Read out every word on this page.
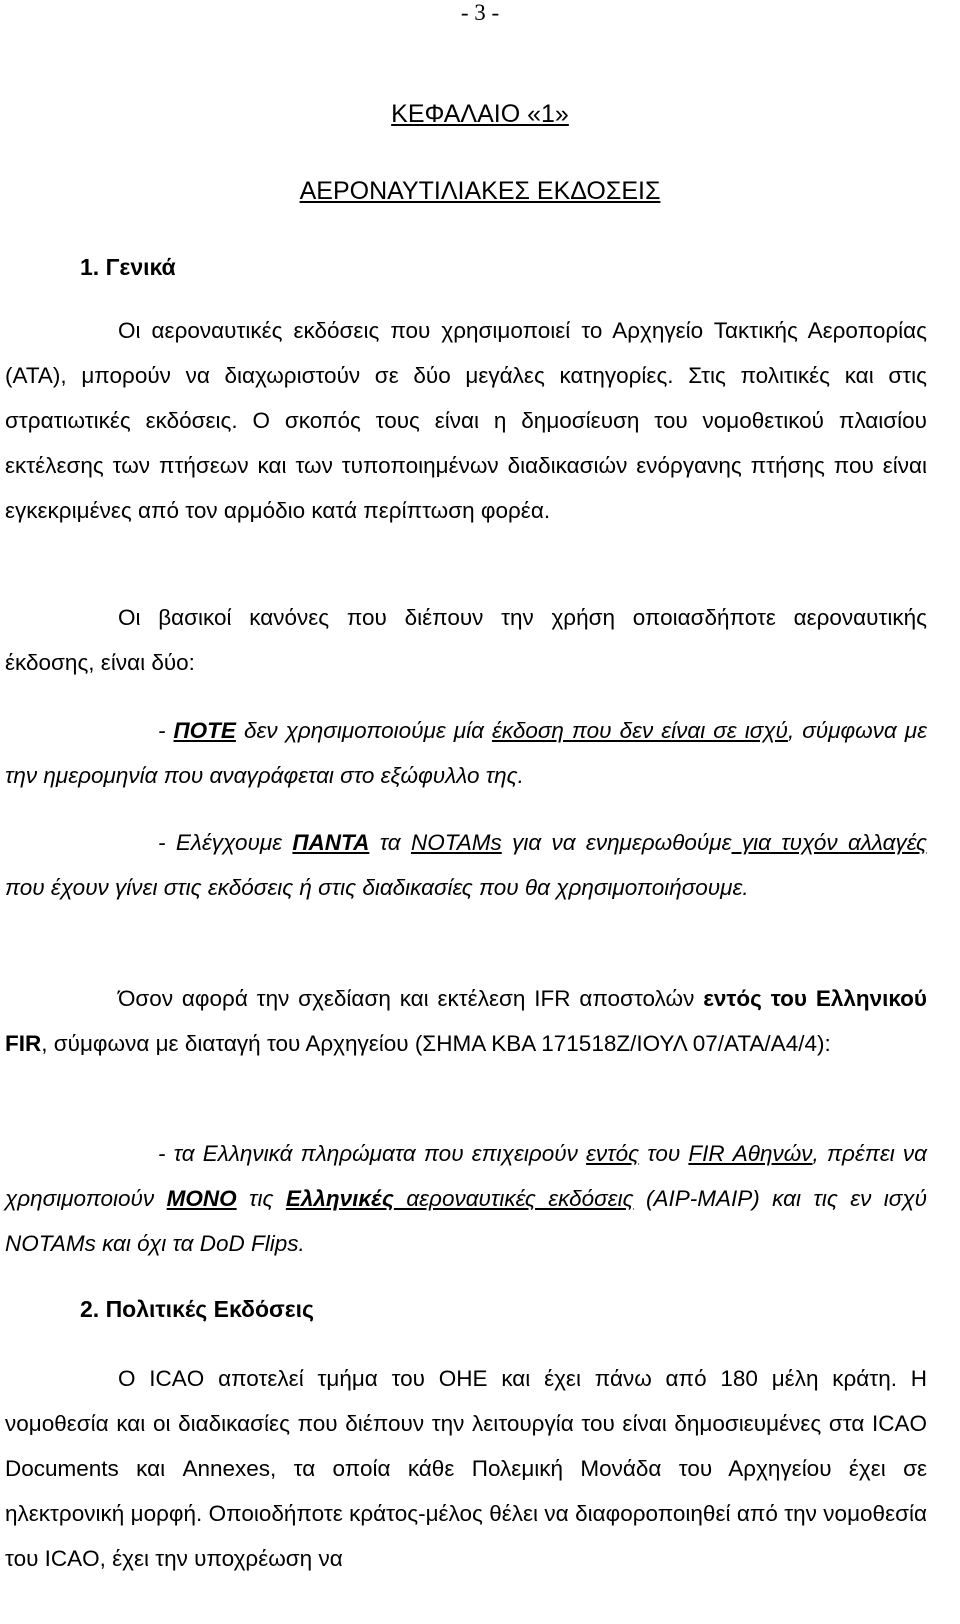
- 3 -
ΚΕΦΑΛΑΙΟ «1»
ΑΕΡΟΝΑΥΤΙΛΙΑΚΕΣ ΕΚΔΟΣΕΙΣ
1. Γενικά
Οι αεροναυτικές εκδόσεις που χρησιμοποιεί το Αρχηγείο Τακτικής Αεροπορίας (ΑΤΑ), μπορούν να διαχωριστούν σε δύο μεγάλες κατηγορίες. Στις πολιτικές και στις στρατιωτικές εκδόσεις. Ο σκοπός τους είναι η δημοσίευση του νομοθετικού πλαισίου εκτέλεσης των πτήσεων και των τυποποιημένων διαδικασιών ενόργανης πτήσης που είναι εγκεκριμένες από τον αρμόδιο κατά περίπτωση φορέα.
Οι βασικοί κανόνες που διέπουν την χρήση οποιασδήποτε αεροναυτικής έκδοσης, είναι δύο:
- ΠΟΤΕ δεν χρησιμοποιούμε μία έκδοση που δεν είναι σε ισχύ, σύμφωνα με την ημερομηνία που αναγράφεται στο εξώφυλλο της.
- Ελέγχουμε ΠΑΝΤΑ τα NOTAMs για να ενημερωθούμε για τυχόν αλλαγές που έχουν γίνει στις εκδόσεις ή στις διαδικασίες που θα χρησιμοποιήσουμε.
Όσον αφορά την σχεδίαση και εκτέλεση IFR αποστολών εντός του Ελληνικού FIR, σύμφωνα με διαταγή του Αρχηγείου (ΣΗΜΑ ΚΒΑ 171518Ζ/ΙΟΥΛ 07/ΑΤΑ/Α4/4):
- τα Ελληνικά πληρώματα που επιχειρούν εντός του FIR Αθηνών, πρέπει να χρησιμοποιούν ΜΟΝΟ τις Ελληνικές αεροναυτικές εκδόσεις (AIP-MAIP) και τις εν ισχύ NOTAMs και όχι τα DoD Flips.
2. Πολιτικές Εκδόσεις
Ο ICAO αποτελεί τμήμα του ΟΗΕ και έχει πάνω από 180 μέλη κράτη. Η νομοθεσία και οι διαδικασίες που διέπουν την λειτουργία του είναι δημοσιευμένες στα ICAO Documents και Annexes, τα οποία κάθε Πολεμική Μονάδα του Αρχηγείου έχει σε ηλεκτρονική μορφή. Οποιοδήποτε κράτος-μέλος θέλει να διαφοροποιηθεί από την νομοθεσία του ICAO, έχει την υποχρέωση να
